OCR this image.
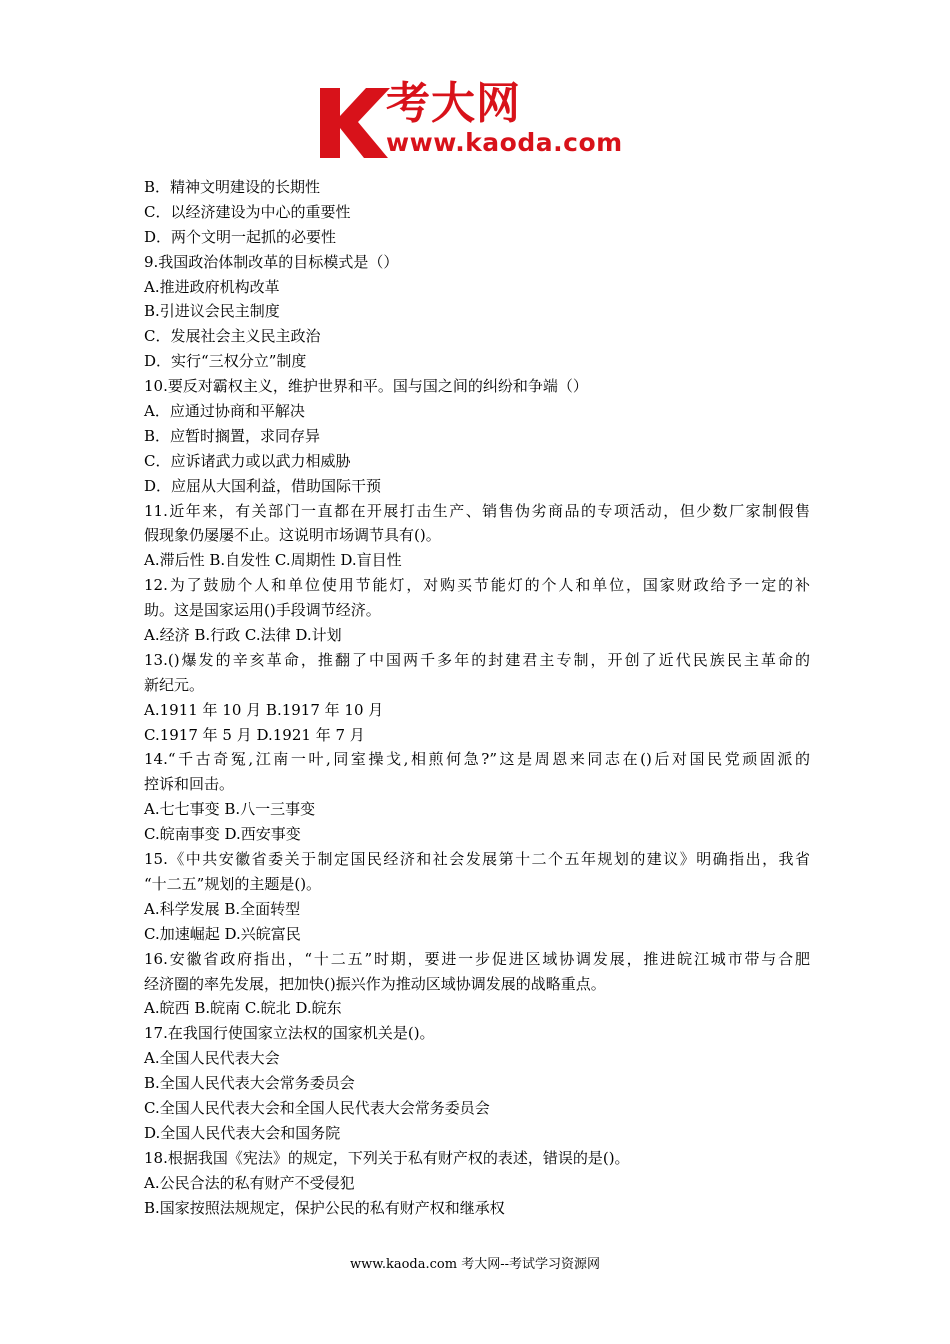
考大网
www.kaoda.com
B．精神文明建设的长期性
C．以经济建设为中心的重要性
D．两个文明一起抓的必要性
9.我国政治体制改革的目标模式是（）
A.推进政府机构改革
B.引进议会民主制度
C．发展社会主义民主政治
D．实行“三权分立”制度
10.要反对霸权主义，维护世界和平。国与国之间的纠纷和争端（）
A．应通过协商和平解决
B．应暂时搁置，求同存异
C．应诉诸武力或以武力相威胁
D．应屈从大国利益，借助国际干预
11.近年来，有关部门一直都在开展打击生产、销售伪劣商品的专项活动，但少数厂家制假售
假现象仍屡屡不止。这说明市场调节具有()。
A.滞后性 B.自发性 C.周期性 D.盲目性
12.为了鼓励个人和单位使用节能灯，对购买节能灯的个人和单位，国家财政给予一定的补
助。这是国家运用()手段调节经济。
A.经济 B.行政 C.法律 D.计划
13.()爆发的辛亥革命，推翻了中国两千多年的封建君主专制，开创了近代民族民主革命的
新纪元。
A.1911 年 10 月 B.1917 年 10 月
C.1917 年 5 月 D.1921 年 7 月
14.“千古奇冤,江南一叶,同室操戈,相煎何急?”这是周恩来同志在()后对国民党顽固派的
控诉和回击。
A.七七事变 B.八一三事变
C.皖南事变 D.西安事变
15.《中共安徽省委关于制定国民经济和社会发展第十二个五年规划的建议》明确指出，我省
“十二五”规划的主题是()。
A.科学发展 B.全面转型
C.加速崛起 D.兴皖富民
16.安徽省政府指出，“十二五”时期，要进一步促进区域协调发展，推进皖江城市带与合肥
经济圈的率先发展，把加快()振兴作为推动区域协调发展的战略重点。
A.皖西 B.皖南 C.皖北 D.皖东
17.在我国行使国家立法权的国家机关是()。
A.全国人民代表大会
B.全国人民代表大会常务委员会
C.全国人民代表大会和全国人民代表大会常务委员会
D.全国人民代表大会和国务院
18.根据我国《宪法》的规定，下列关于私有财产权的表述，错误的是()。
A.公民合法的私有财产不受侵犯
B.国家按照法规规定，保护公民的私有财产权和继承权
www.kaoda.com 考大网--考试学习资源网
